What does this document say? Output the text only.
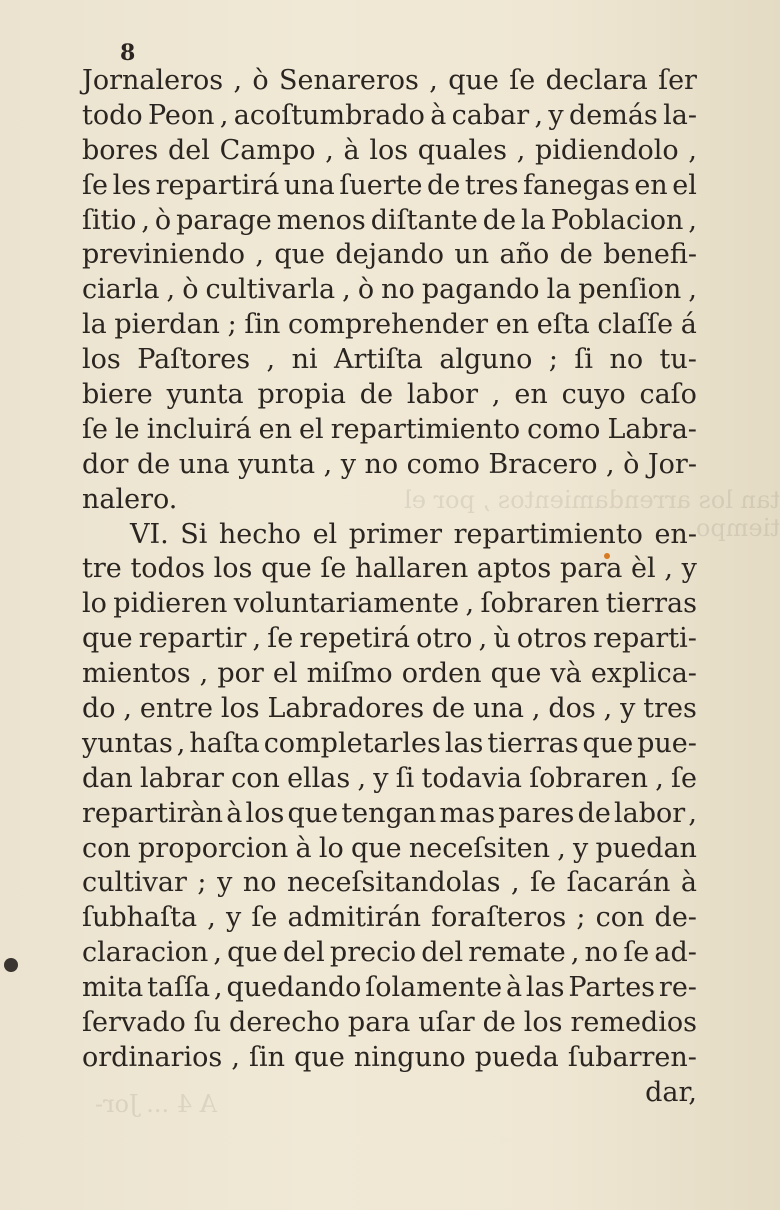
tan los arrendamientos , por el tiempo
A 4 ... Jor-
8
Jornaleros , ò Senareros , que ſe declara ſer
todo Peon , acoſtumbrado à cabar , y demás la-
bores del Campo , à los quales , pidiendolo ,
ſe les repartirá una ſuerte de tres fanegas en el
ſitio , ò parage menos diſtante de la Poblacion ,
previniendo , que dejando un año de benefi-
ciarla , ò cultivarla , ò no pagando la penſion ,
la pierdan ; ſin comprehender en eſta claſſe á
los Paſtores , ni Artiſta alguno ; ſi no tu-
biere yunta propia de labor , en cuyo caſo
ſe le incluirá en el repartimiento como Labra-
dor de una yunta , y no como Bracero , ò Jor-
nalero.
VI. Si hecho el primer repartimiento en-
tre todos los que ſe hallaren aptos para èl , y
lo pidieren voluntariamente , ſobraren tierras
que repartir , ſe repetirá otro , ù otros reparti-
mientos , por el miſmo orden que và explica-
do , entre los Labradores de una , dos , y tres
yuntas , haſta completarles las tierras que pue-
dan labrar con ellas , y ſi todavia ſobraren , ſe
repartiràn à los que tengan mas pares de labor ,
con proporcion à lo que neceſsiten , y puedan
cultivar ; y no neceſsitandolas , ſe ſacarán à
ſubhaſta , y ſe admitirán foraſteros ; con de-
claracion , que del precio del remate , no ſe ad-
mita taſſa , quedando ſolamente à las Partes re-
ſervado ſu derecho para uſar de los remedios
ordinarios , ſin que ninguno pueda ſubarren-
dar,
